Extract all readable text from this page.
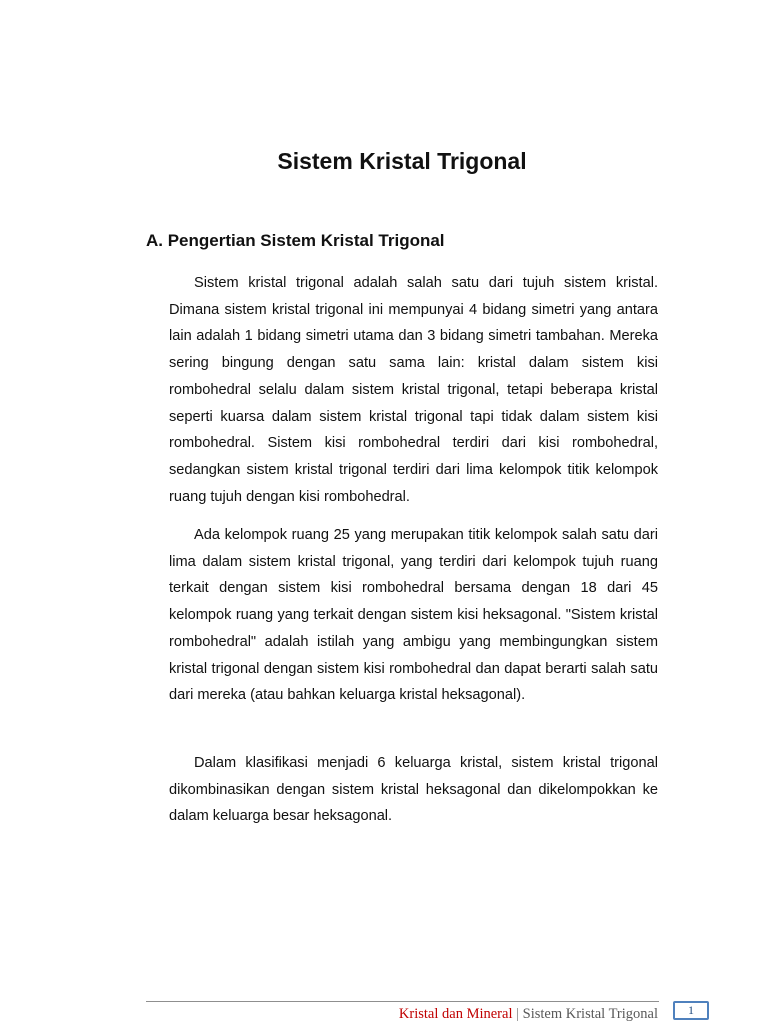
Sistem Kristal Trigonal
A. Pengertian Sistem Kristal Trigonal

Sistem kristal trigonal adalah salah satu dari tujuh sistem kristal. Dimana sistem kristal trigonal ini mempunyai 4 bidang simetri yang antara lain adalah 1 bidang simetri utama dan 3 bidang simetri tambahan. Mereka sering bingung dengan satu sama lain: kristal dalam sistem kisi rombohedral selalu dalam sistem kristal trigonal, tetapi beberapa kristal seperti kuarsa dalam sistem kristal trigonal tapi tidak dalam sistem kisi rombohedral. Sistem kisi rombohedral terdiri dari kisi rombohedral, sedangkan sistem kristal trigonal terdiri dari lima kelompok titik kelompok ruang tujuh dengan kisi rombohedral.

Ada kelompok ruang 25 yang merupakan titik kelompok salah satu dari lima dalam sistem kristal trigonal, yang terdiri dari kelompok tujuh ruang terkait dengan sistem kisi rombohedral bersama dengan 18 dari 45 kelompok ruang yang terkait dengan sistem kisi heksagonal. "Sistem kristal rombohedral" adalah istilah yang ambigu yang membingungkan sistem kristal trigonal dengan sistem kisi rombohedral dan dapat berarti salah satu dari mereka (atau bahkan keluarga kristal heksagonal).

Dalam klasifikasi menjadi 6 keluarga kristal, sistem kristal trigonal dikombinasikan dengan sistem kristal heksagonal dan dikelompokkan ke dalam keluarga besar heksagonal.

Kristal dan Mineral | Sistem Kristal Trigonal	1
